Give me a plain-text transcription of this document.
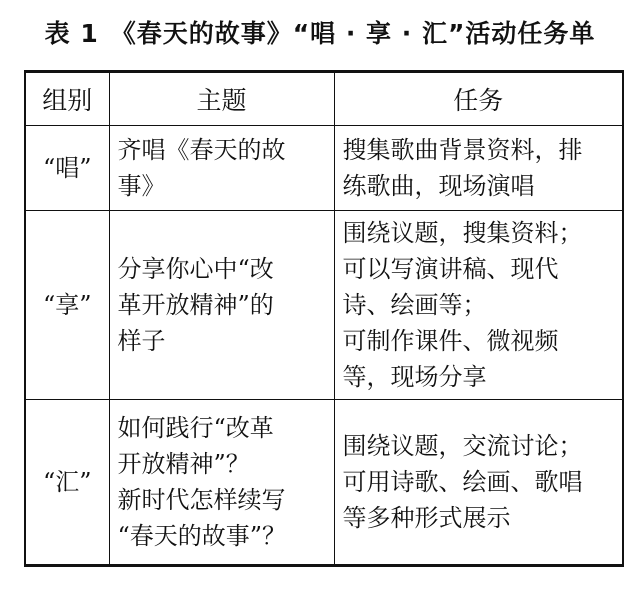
表 1 《春天的故事》“唱 · 享 · 汇”活动任务单
组别	主题	任务
“唱”	齐唱《春天的故
事》	搜集歌曲背景资料，排
练歌曲，现场演唱

“享”	分享你心中“改
革开放精神”的
样子	围绕议题，搜集资料；
可以写演讲稿、现代
诗、绘画等；
可制作课件、微视频
等，现场分享

“汇”	如何践行“改革
开放精神”？
新时代怎样续写
“春天的故事”？	围绕议题，交流讨论；
可用诗歌、绘画、歌唱
等多种形式展示
